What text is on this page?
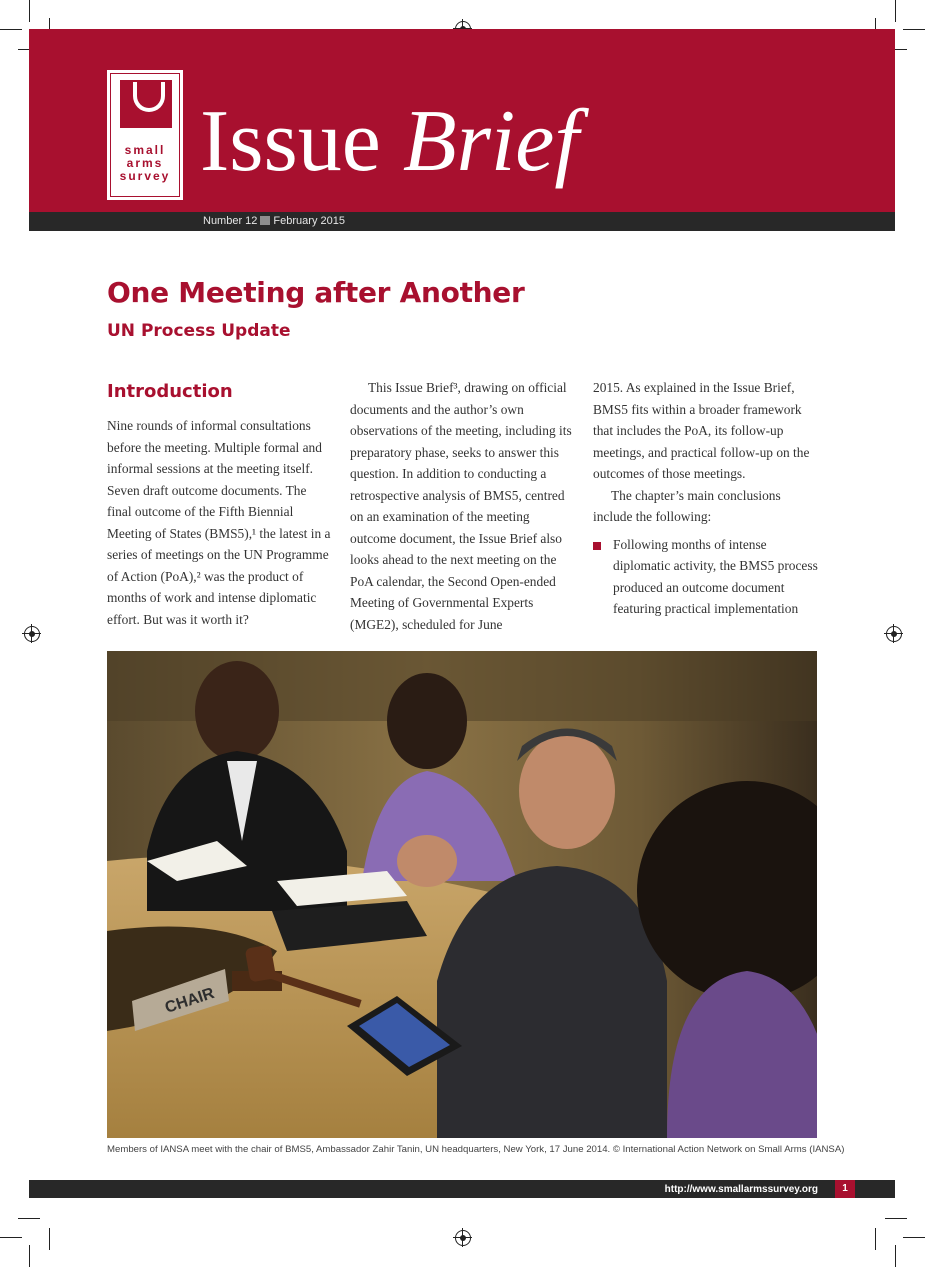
small
arms
survey Issue Brief
Number 12 February 2015
One Meeting after Another
UN Process Update
Introduction

Nine rounds of informal consultations before the meeting. Multiple formal and informal sessions at the meeting itself. Seven draft outcome documents. The final outcome of the Fifth Biennial Meeting of States (BMS5),¹ the latest in a series of meetings on the UN Programme of Action (PoA),² was the product of months of work and intense diplomatic effort. But was it worth it?

This Issue Brief³, drawing on official documents and the author’s own observations of the meeting, including its preparatory phase, seeks to answer this question. In addition to conducting a retrospective analysis of BMS5, centred on an examination of the meeting outcome document, the Issue Brief also looks ahead to the next meeting on the PoA calendar, the Second Open-ended Meeting of Governmental Experts (MGE2), scheduled for June

2015. As explained in the Issue Brief, BMS5 fits within a broader framework that includes the PoA, its follow-up meetings, and practical follow-up on the outcomes of those meetings.

The chapter’s main conclusions include the following:

Following months of intense diplomatic activity, the BMS5 process produced an outcome document featuring practical implementation

CHAIR
Members of IANSA meet with the chair of BMS5, Ambassador Zahir Tanin, UN headquarters, New York, 17 June 2014. © International Action Network on Small Arms (IANSA)
http://www.smallarmssurvey.org	1
